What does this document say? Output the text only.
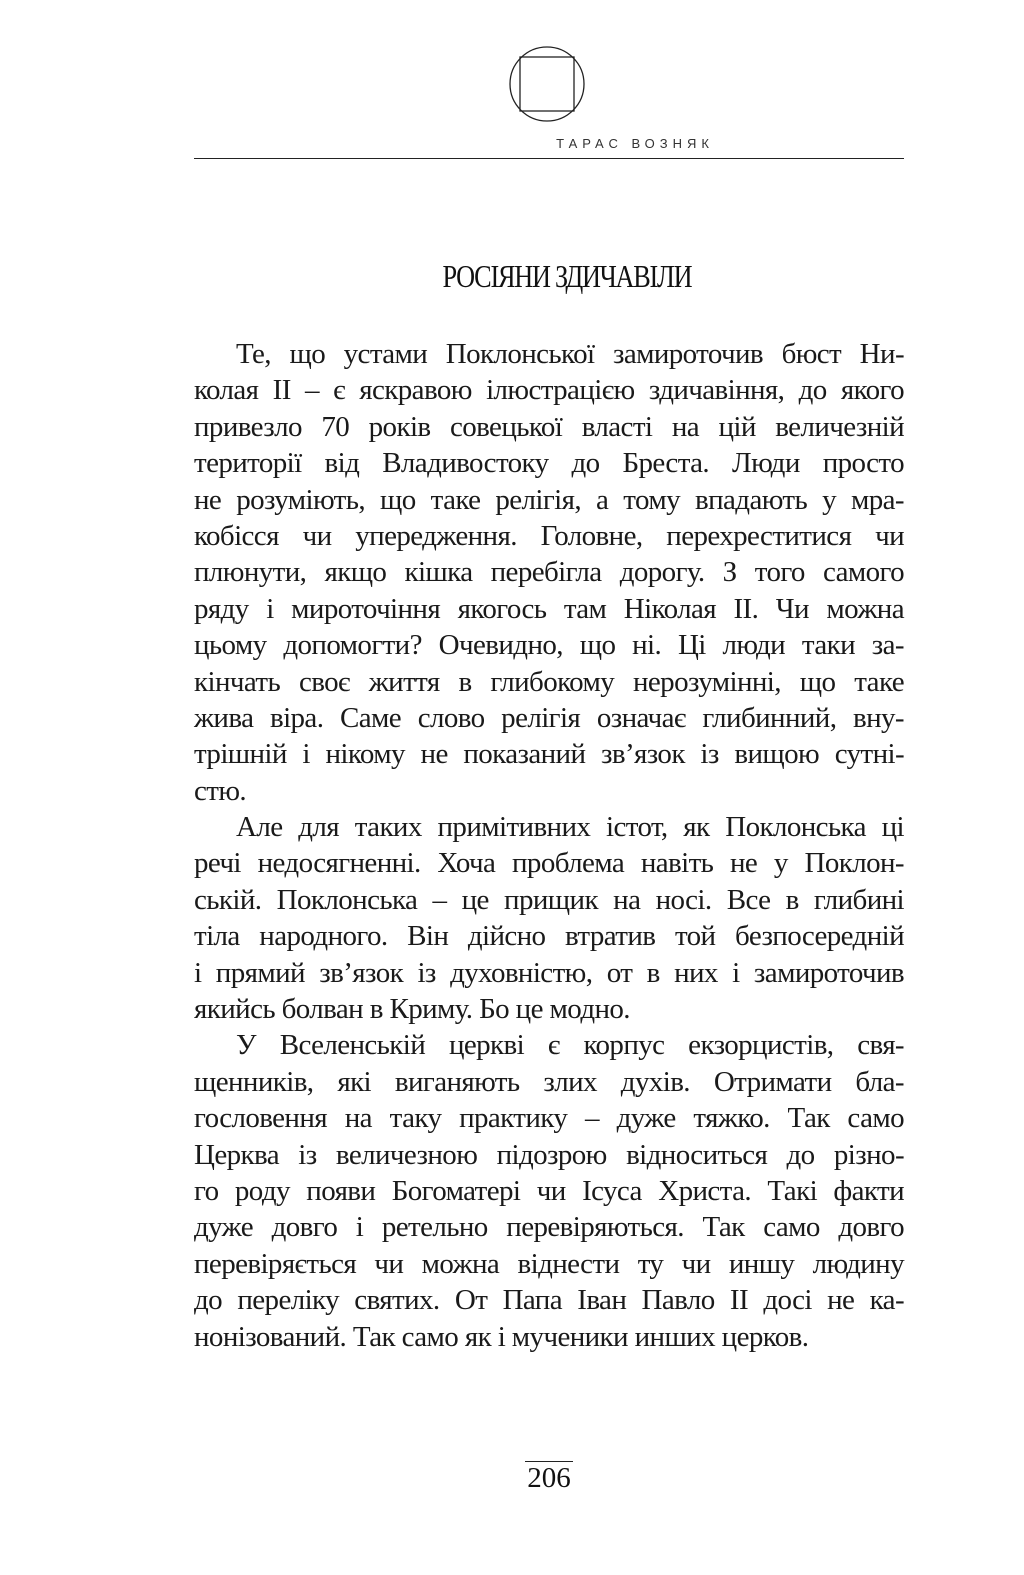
ТАРАС ВОЗНЯК
РОСІЯНИ ЗДИЧАВІЛИ
Те, що устами Поклонської замироточив бюст Ни-
колая II – є яскравою ілюстрацією здичавіння, до якого
привезло 70 років совецької власті на цій величезній
території від Владивостоку до Бреста. Люди просто
не розуміють, що таке релігія, а тому впадають у мра-
кобісся чи упередження. Головне, перехреститися чи
плюнути, якщо кішка перебігла дорогу. З того самого
ряду і мироточіння якогось там Ніколая II. Чи можна
цьому допомогти? Очевидно, що ні. Ці люди таки за-
кінчать своє життя в глибокому нерозумінні, що таке
жива віра. Саме слово релігія означає глибинний, вну-
трішній і нікому не показаний зв’язок із вищою сутні-
стю.
Але для таких примітивних істот, як Поклонська ці
речі недосягненні. Хоча проблема навіть не у Поклон-
ській. Поклонська – це прищик на носі. Все в глибині
тіла народного. Він дійсно втратив той безпосередній
і прямий зв’язок із духовністю, от в них і замироточив
якийсь болван в Криму. Бо це модно.
У Вселенській церкві є корпус екзорцистів, свя-
щенників, які виганяють злих духів. Отримати бла-
гословення на таку практику – дуже тяжко. Так само
Церква із величезною підозрою відноситься до різно-
го роду появи Богоматері чи Ісуса Христа. Такі факти
дуже довго і ретельно перевіряються. Так само довго
перевіряється чи можна віднести ту чи иншу людину
до переліку святих. От Папа Іван Павло II досі не ка-
нонізований. Так само як і мученики инших церков.
206
